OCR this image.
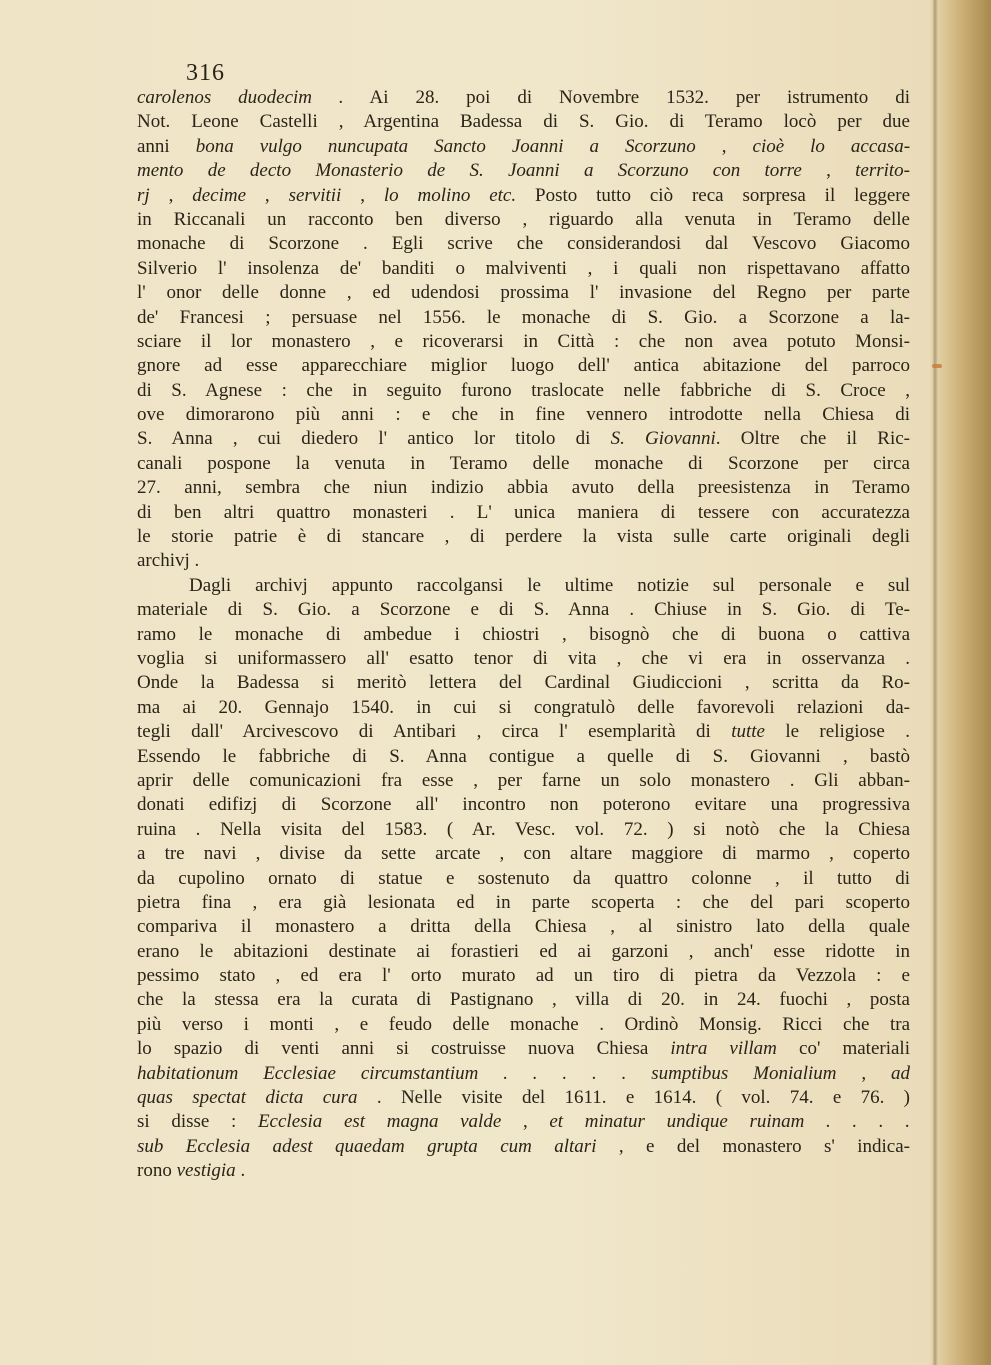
316
carolenos duodecim . Ai 28. poi di Novembre 1532. per istrumento di
Not. Leone Castelli , Argentina Badessa di S. Gio. di Teramo locò per due
anni bona vulgo nuncupata Sancto Joanni a Scorzuno , cioè lo accasa-
mento de decto Monasterio de S. Joanni a Scorzuno con torre , territo-
rj , decime , servitii , lo molino etc. Posto tutto ciò reca sorpresa il leggere
in Riccanali un racconto ben diverso , riguardo alla venuta in Teramo delle
monache di Scorzone . Egli scrive che considerandosi dal Vescovo Giacomo
Silverio l' insolenza de' banditi o malviventi , i quali non rispettavano affatto
l' onor delle donne , ed udendosi prossima l' invasione del Regno per parte
de' Francesi ; persuase nel 1556. le monache di S. Gio. a Scorzone a la-
sciare il lor monastero , e ricoverarsi in Città : che non avea potuto Monsi-
gnore ad esse apparecchiare miglior luogo dell' antica abitazione del parroco
di S. Agnese : che in seguito furono traslocate nelle fabbriche di S. Croce ,
ove dimorarono più anni : e che in fine vennero introdotte nella Chiesa di
S. Anna , cui diedero l' antico lor titolo di S. Giovanni. Oltre che il Ric-
canali pospone la venuta in Teramo delle monache di Scorzone per circa
27. anni, sembra che niun indizio abbia avuto della preesistenza in Teramo
di ben altri quattro monasteri . L' unica maniera di tessere con accuratezza
le storie patrie è di stancare , di perdere la vista sulle carte originali degli
archivj .
Dagli archivj appunto raccolgansi le ultime notizie sul personale e sul
materiale di S. Gio. a Scorzone e di S. Anna . Chiuse in S. Gio. di Te-
ramo le monache di ambedue i chiostri , bisognò che di buona o cattiva
voglia si uniformassero all' esatto tenor di vita , che vi era in osservanza .
Onde la Badessa si meritò lettera del Cardinal Giudiccioni , scritta da Ro-
ma ai 20. Gennajo 1540. in cui si congratulò delle favorevoli relazioni da-
tegli dall' Arcivescovo di Antibari , circa l' esemplarità di tutte le religiose .
Essendo le fabbriche di S. Anna contigue a quelle di S. Giovanni , bastò
aprir delle comunicazioni fra esse , per farne un solo monastero . Gli abban-
donati edifizj di Scorzone all' incontro non poterono evitare una progressiva
ruina . Nella visita del 1583. ( Ar. Vesc. vol. 72. ) si notò che la Chiesa
a tre navi , divise da sette arcate , con altare maggiore di marmo , coperto
da cupolino ornato di statue e sostenuto da quattro colonne , il tutto di
pietra fina , era già lesionata ed in parte scoperta : che del pari scoperto
compariva il monastero a dritta della Chiesa , al sinistro lato della quale
erano le abitazioni destinate ai forastieri ed ai garzoni , anch' esse ridotte in
pessimo stato , ed era l' orto murato ad un tiro di pietra da Vezzola : e
che la stessa era la curata di Pastignano , villa di 20. in 24. fuochi , posta
più verso i monti , e feudo delle monache . Ordinò Monsig. Ricci che tra
lo spazio di venti anni si costruisse nuova Chiesa intra villam co' materiali
habitationum Ecclesiae circumstantium . . . . . sumptibus Monialium , ad
quas spectat dicta cura . Nelle visite del 1611. e 1614. ( vol. 74. e 76. )
si disse : Ecclesia est magna valde , et minatur undique ruinam . . . .
sub Ecclesia adest quaedam grupta cum altari , e del monastero s' indica-
rono vestigia .
